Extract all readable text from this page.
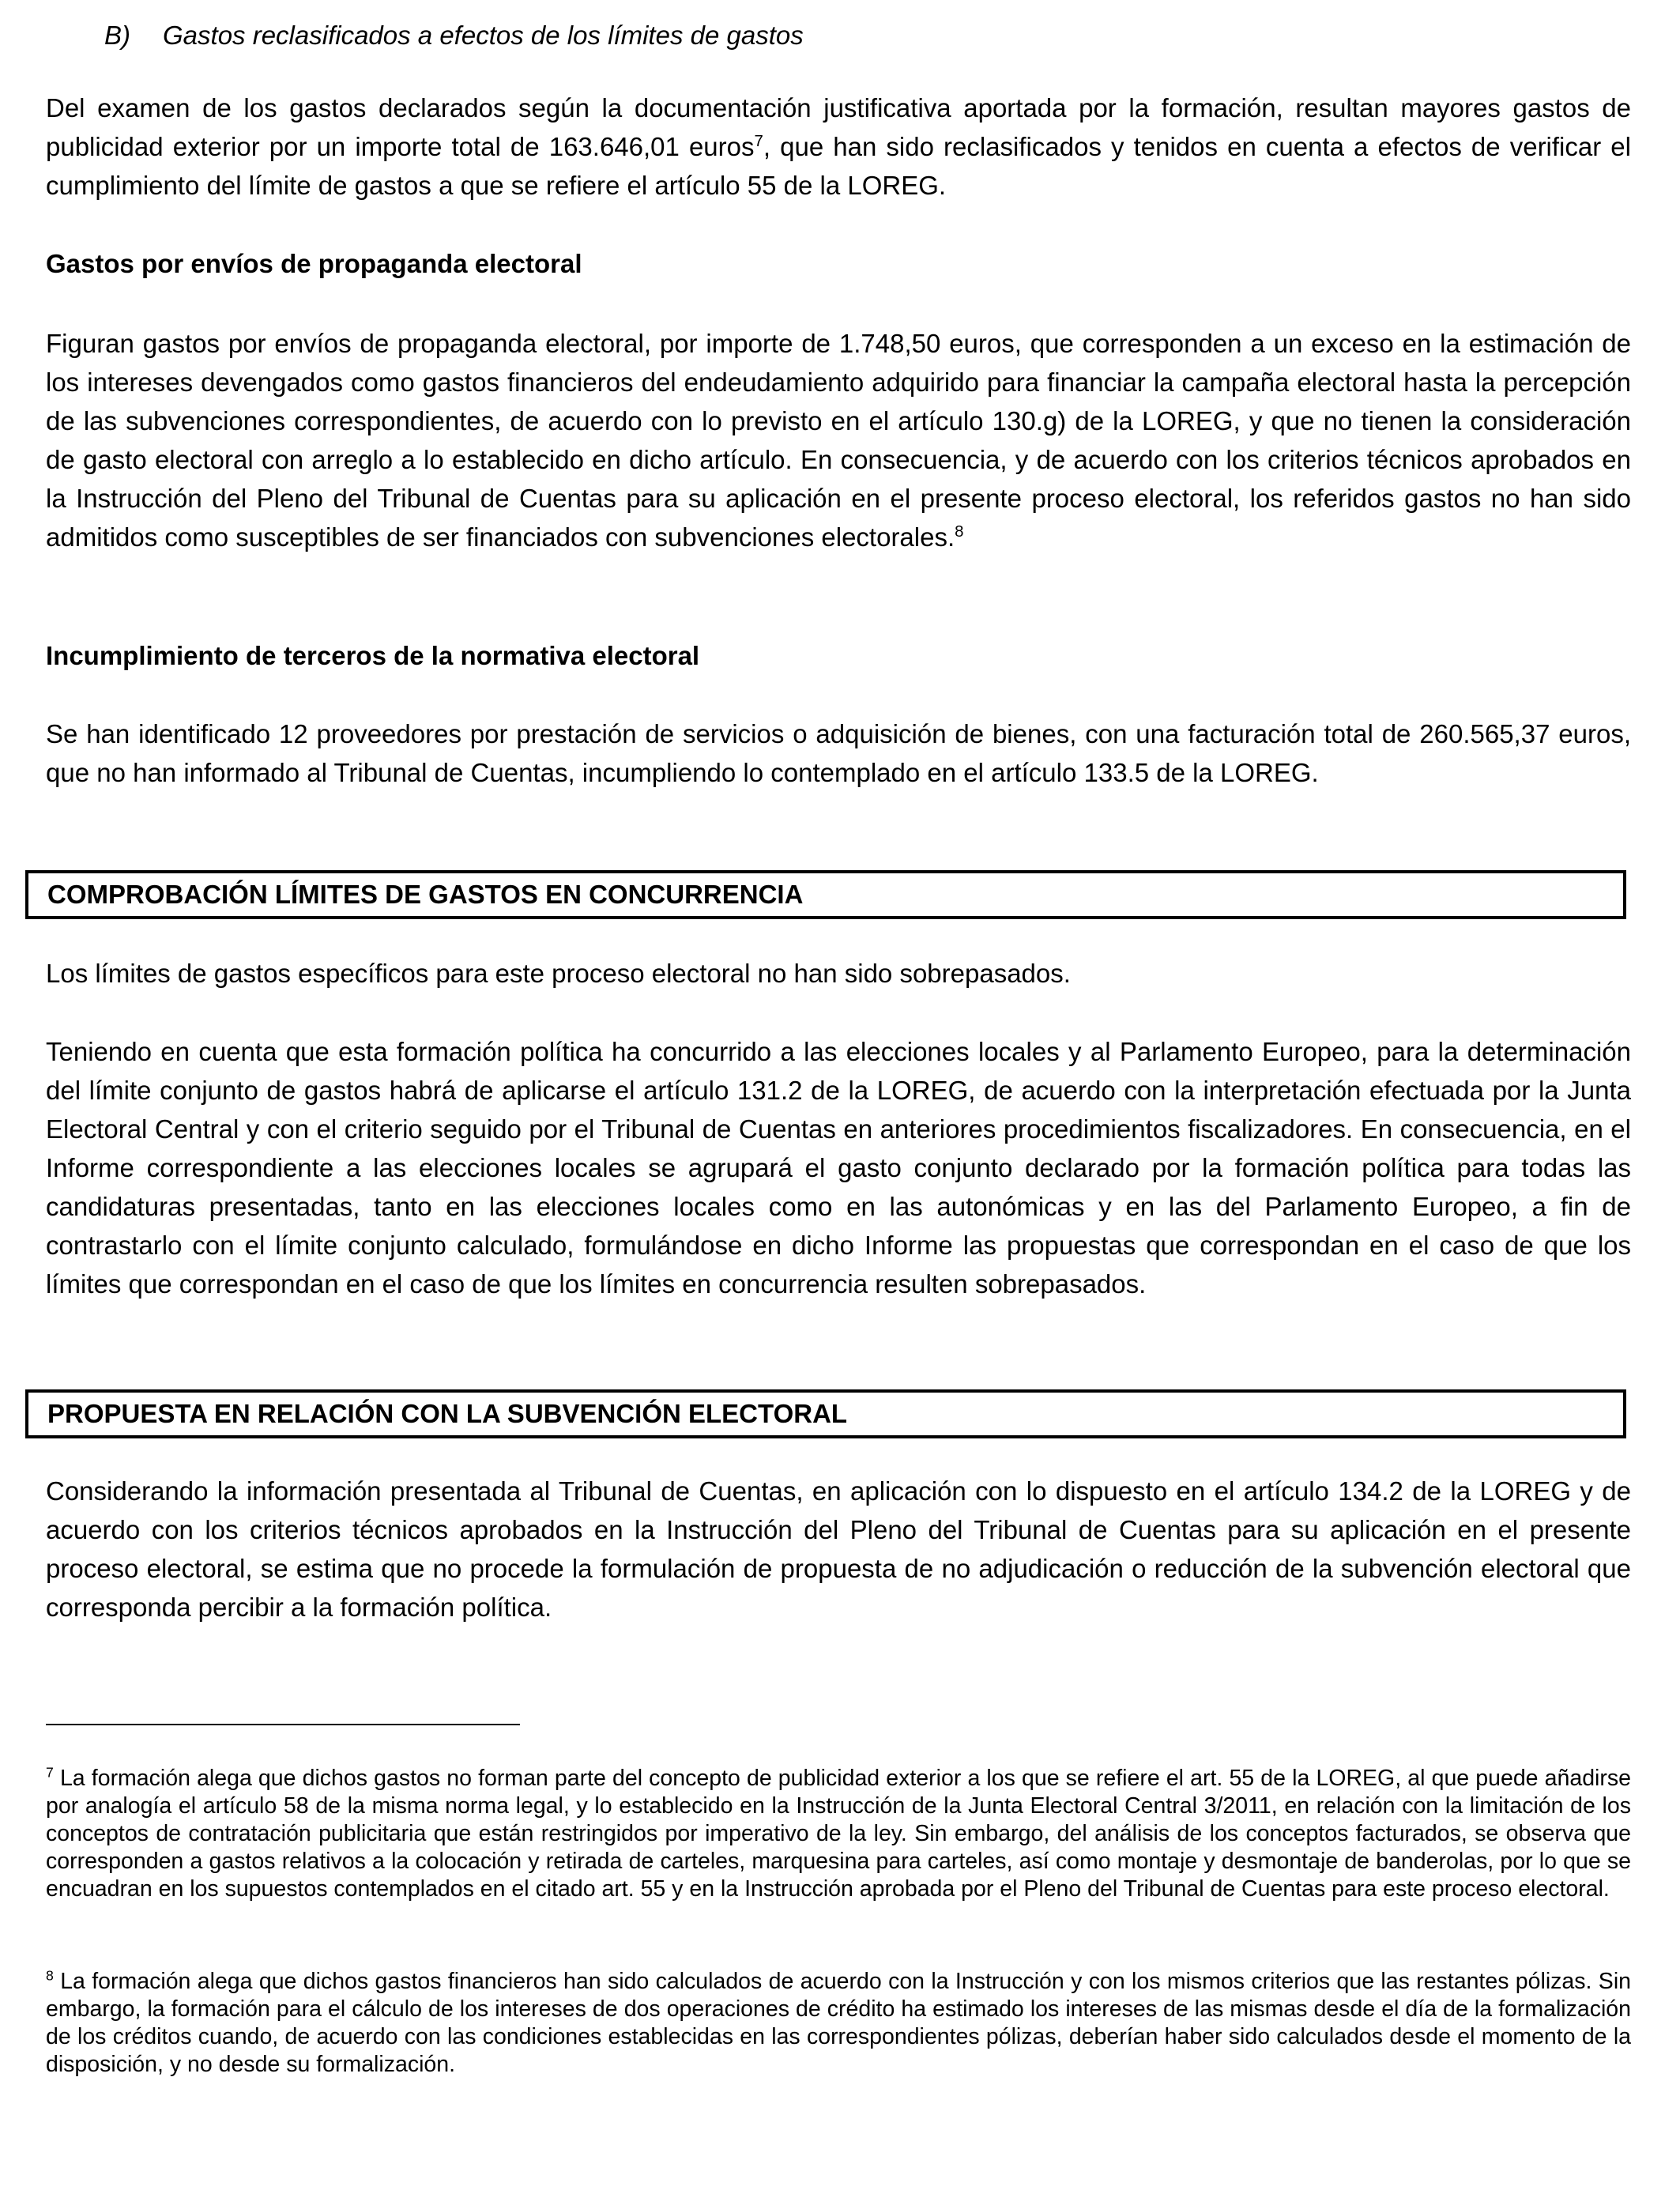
B) Gastos reclasificados a efectos de los límites de gastos

Del examen de los gastos declarados según la documentación justificativa aportada por la formación, resultan mayores gastos de publicidad exterior por un importe total de 163.646,01 euros$^7$, que han sido reclasificados y tenidos en cuenta a efectos de verificar el cumplimiento del límite de gastos a que se refiere el artículo 55 de la LOREG.

Gastos por envíos de propaganda electoral

Figuran gastos por envíos de propaganda electoral, por importe de 1.748,50 euros, que corresponden a un exceso en la estimación de los intereses devengados como gastos financieros del endeudamiento adquirido para financiar la campaña electoral hasta la percepción de las subvenciones correspondientes, de acuerdo con lo previsto en el artículo 130.g) de la LOREG, y que no tienen la consideración de gasto electoral con arreglo a lo establecido en dicho artículo. En consecuencia, y de acuerdo con los criterios técnicos aprobados en la Instrucción del Pleno del Tribunal de Cuentas para su aplicación en el presente proceso electoral, los referidos gastos no han sido admitidos como susceptibles de ser financiados con subvenciones electorales.$^8$

Incumplimiento de terceros de la normativa electoral

Se han identificado 12 proveedores por prestación de servicios o adquisición de bienes, con una facturación total de 260.565,37 euros, que no han informado al Tribunal de Cuentas, incumpliendo lo contemplado en el artículo 133.5 de la LOREG.

COMPROBACIÓN LÍMITES DE GASTOS EN CONCURRENCIA

Los límites de gastos específicos para este proceso electoral no han sido sobrepasados.

Teniendo en cuenta que esta formación política ha concurrido a las elecciones locales y al Parlamento Europeo, para la determinación del límite conjunto de gastos habrá de aplicarse el artículo 131.2 de la LOREG, de acuerdo con la interpretación efectuada por la Junta Electoral Central y con el criterio seguido por el Tribunal de Cuentas en anteriores procedimientos fiscalizadores. En consecuencia, en el Informe correspondiente a las elecciones locales se agrupará el gasto conjunto declarado por la formación política para todas las candidaturas presentadas, tanto en las elecciones locales como en las autonómicas y en las del Parlamento Europeo, a fin de contrastarlo con el límite conjunto calculado, formulándose en dicho Informe las propuestas que correspondan en el caso de que los límites que correspondan en el caso de que los límites en concurrencia resulten sobrepasados.

PROPUESTA EN RELACIÓN CON LA SUBVENCIÓN ELECTORAL

Considerando la información presentada al Tribunal de Cuentas, en aplicación con lo dispuesto en el artículo 134.2 de la LOREG y de acuerdo con los criterios técnicos aprobados en la Instrucción del Pleno del Tribunal de Cuentas para su aplicación en el presente proceso electoral, se estima que no procede la formulación de propuesta de no adjudicación o reducción de la subvención electoral que corresponda percibir a la formación política.

$^7$ La formación alega que dichos gastos no forman parte del concepto de publicidad exterior a los que se refiere el art. 55 de la LOREG, al que puede añadirse por analogía el artículo 58 de la misma norma legal, y lo establecido en la Instrucción de la Junta Electoral Central 3/2011, en relación con la limitación de los conceptos de contratación publicitaria que están restringidos por imperativo de la ley. Sin embargo, del análisis de los conceptos facturados, se observa que corresponden a gastos relativos a la colocación y retirada de carteles, marquesina para carteles, así como montaje y desmontaje de banderolas, por lo que se encuadran en los supuestos contemplados en el citado art. 55 y en la Instrucción aprobada por el Pleno del Tribunal de Cuentas para este proceso electoral.

$^8$ La formación alega que dichos gastos financieros han sido calculados de acuerdo con la Instrucción y con los mismos criterios que las restantes pólizas. Sin embargo, la formación para el cálculo de los intereses de dos operaciones de crédito ha estimado los intereses de las mismas desde el día de la formalización de los créditos cuando, de acuerdo con las condiciones establecidas en las correspondientes pólizas, deberían haber sido calculados desde el momento de la disposición, y no desde su formalización.
